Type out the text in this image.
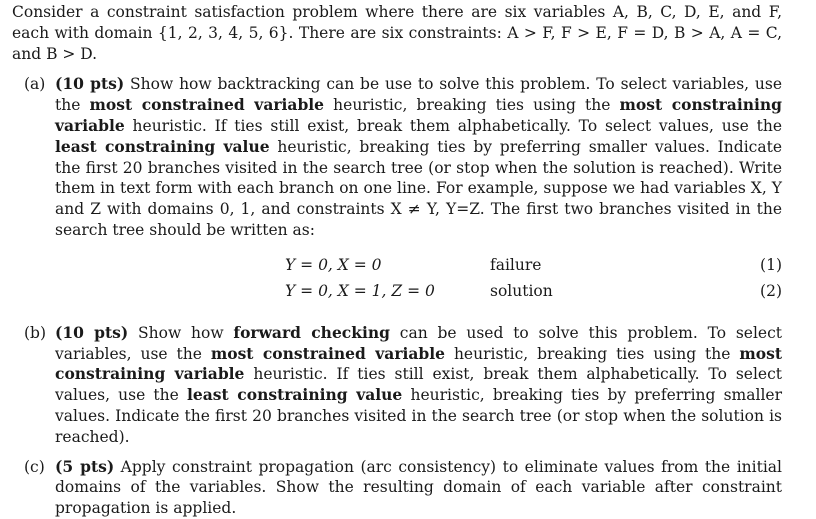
Consider a constraint satisfaction problem where there are six variables A, B, C, D, E, and F, each with domain {1, 2, 3, 4, 5, 6}. There are six constraints: A > F, F > E, F = D, B > A, A = C, and B > D.
(a) (10 pts) Show how backtracking can be use to solve this problem. To select variables, use the most constrained variable heuristic, breaking ties using the most constraining variable heuristic. If ties still exist, break them alphabetically. To select values, use the least constraining value heuristic, breaking ties by preferring smaller values. Indicate the first 20 branches visited in the search tree (or stop when the solution is reached). Write them in text form with each branch on one line. For example, suppose we had variables X, Y and Z with domains 0, 1, and constraints X ≠ Y, Y=Z. The first two branches visited in the search tree should be written as:
Y = 0, X = 0	failure	(1)
Y = 0, X = 1, Z = 0	solution	(2)
(b) (10 pts) Show how forward checking can be used to solve this problem. To select variables, use the most constrained variable heuristic, breaking ties using the most constraining variable heuristic. If ties still exist, break them alphabetically. To select values, use the least constraining value heuristic, breaking ties by preferring smaller values. Indicate the first 20 branches visited in the search tree (or stop when the solution is reached).
(c) (5 pts) Apply constraint propagation (arc consistency) to eliminate values from the initial domains of the variables. Show the resulting domain of each variable after constraint propagation is applied.
